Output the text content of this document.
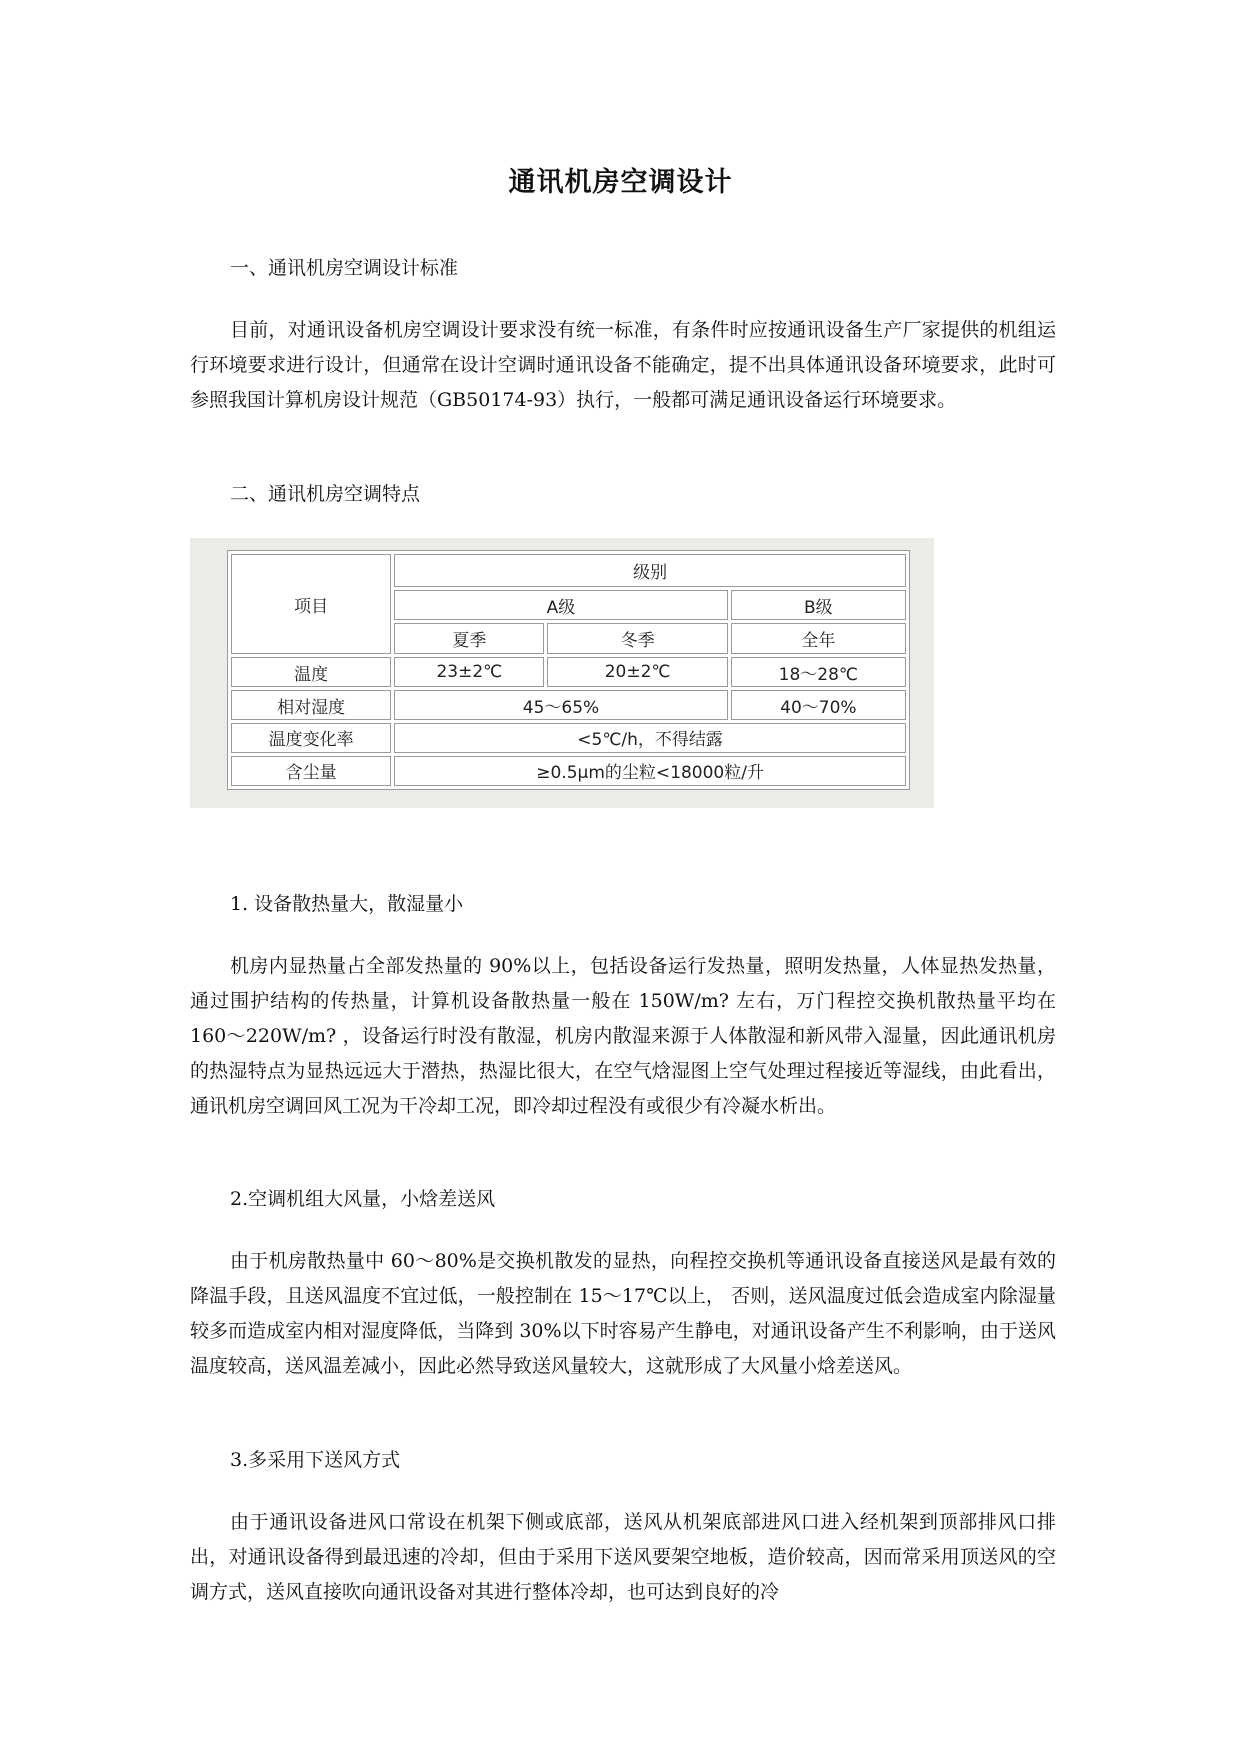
通讯机房空调设计
一、通讯机房空调设计标准
目前，对通讯设备机房空调设计要求没有统一标准，有条件时应按通讯设备生产厂家提供的机组运行环境要求进行设计，但通常在设计空调时通讯设备不能确定，提不出具体通讯设备环境要求，此时可参照我国计算机房设计规范（GB50174-93）执行，一般都可满足通讯设备运行环境要求。
二、通讯机房空调特点
项目	级别		
	A级		B级
	夏季	冬季	全年
温度	23±2℃	20±2℃	18～28℃
相对湿度	45～65%		40～70%
温度变化率	<5℃/h，不得结露		
含尘量	≥0.5μm的尘粒<18000粒/升		
1. 设备散热量大，散湿量小
机房内显热量占全部发热量的 90%以上，包括设备运行发热量，照明发热量，人体显热发热量，通过围护结构的传热量，计算机设备散热量一般在 150W/m? 左右，万门程控交换机散热量平均在 160～220W/m? ，设备运行时没有散湿，机房内散湿来源于人体散湿和新风带入湿量，因此通讯机房的热湿特点为显热远远大于潜热，热湿比很大，在空气焓湿图上空气处理过程接近等湿线，由此看出，通讯机房空调回风工况为干冷却工况，即冷却过程没有或很少有冷凝水析出。
2.空调机组大风量，小焓差送风
由于机房散热量中 60～80%是交换机散发的显热，向程控交换机等通讯设备直接送风是最有效的降温手段，且送风温度不宜过低，一般控制在 15～17℃以上， 否则，送风温度过低会造成室内除湿量较多而造成室内相对湿度降低，当降到 30%以下时容易产生静电，对通讯设备产生不利影响，由于送风温度较高，送风温差减小，因此必然导致送风量较大，这就形成了大风量小焓差送风。
3.多采用下送风方式
由于通讯设备进风口常设在机架下侧或底部，送风从机架底部进风口进入经机架到顶部排风口排出，对通讯设备得到最迅速的冷却，但由于采用下送风要架空地板，造价较高，因而常采用顶送风的空调方式，送风直接吹向通讯设备对其进行整体冷却，也可达到良好的冷
